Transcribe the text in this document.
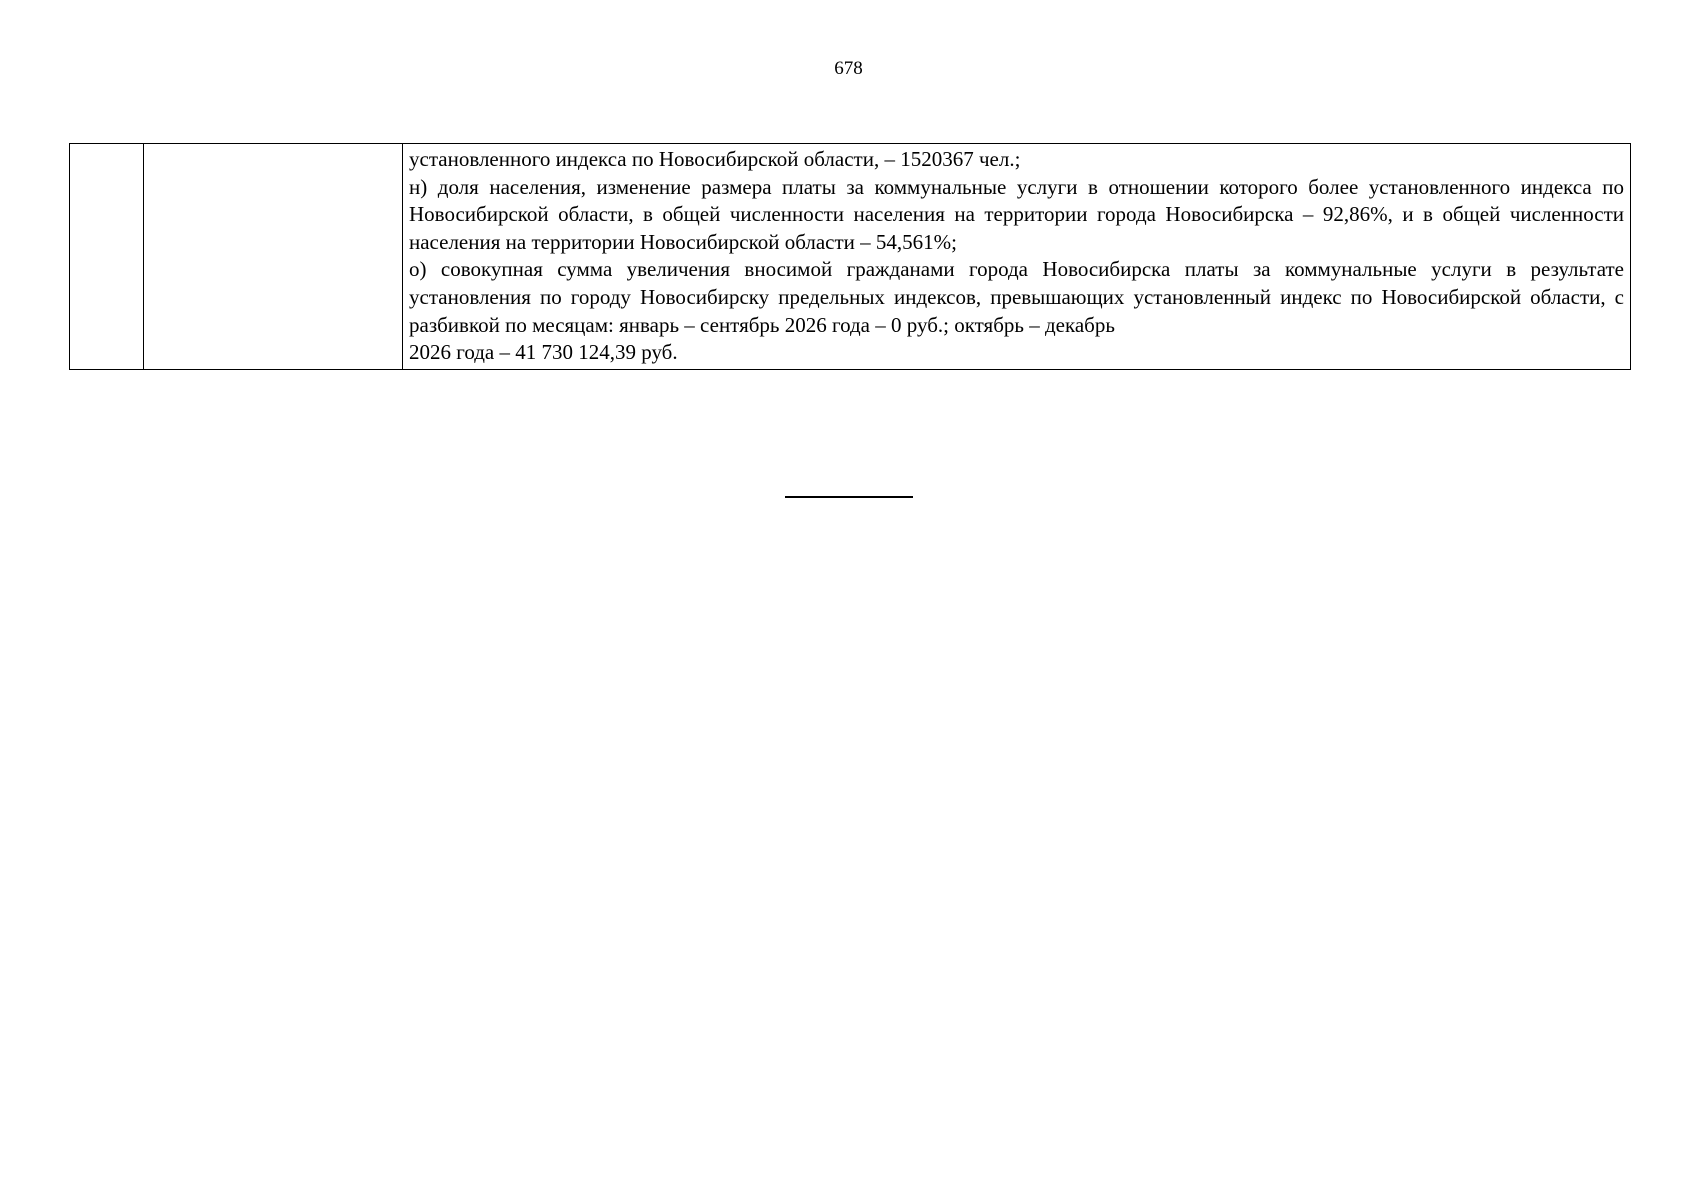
678

установленного индекса по Новосибирской области, – 1520367 чел.;
н) доля населения, изменение размера платы за коммунальные услуги в отношении которого более установленного индекса по Новосибирской области, в общей численности населения на территории города Новосибирска – 92,86%, и в общей численности населения на территории Новосибирской области – 54,561%;
о) совокупная сумма увеличения вносимой гражданами города Новосибирска платы за коммунальные услуги в результате установления по городу Новосибирску предельных индексов, превышающих установленный индекс по Новосибирской области, с разбивкой по месяцам: январь – сентябрь 2026 года – 0 руб.; октябрь – декабрь
2026 года – 41 730 124,39 руб.
